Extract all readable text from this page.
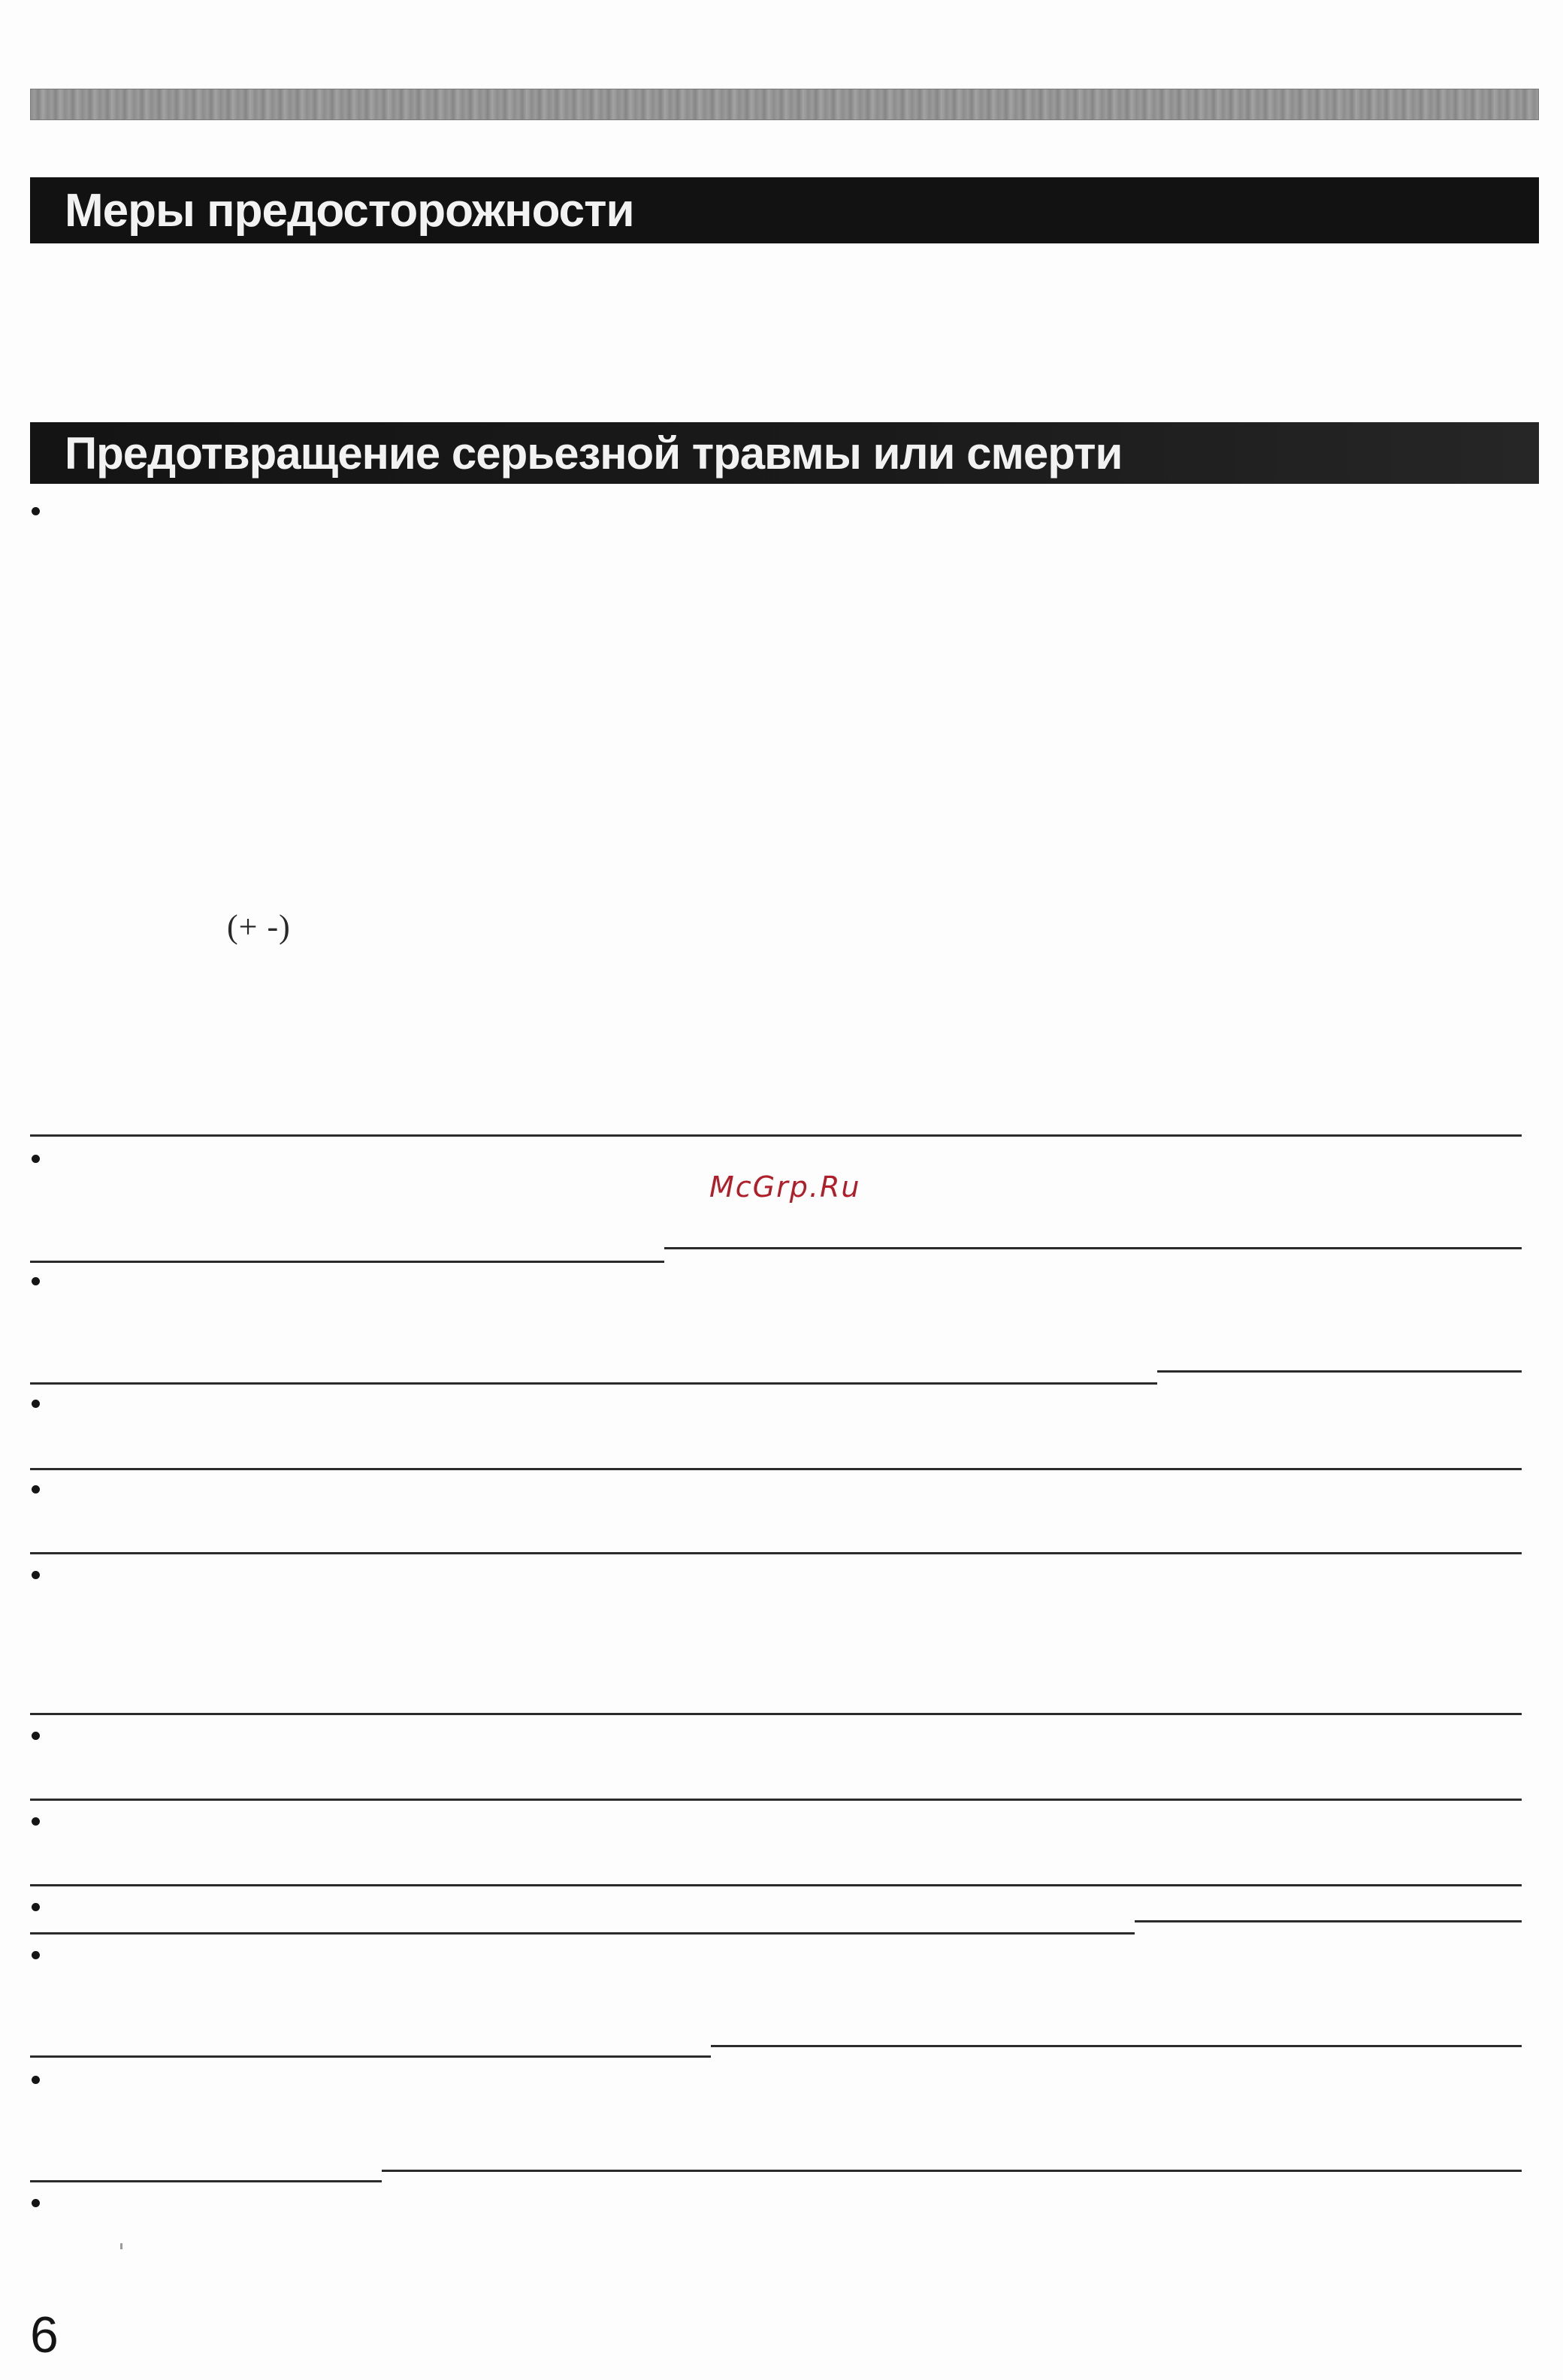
Меры предосторожности
Предотвращение серьезной травмы или смерти
(+ -)
McGrp.Ru
6
